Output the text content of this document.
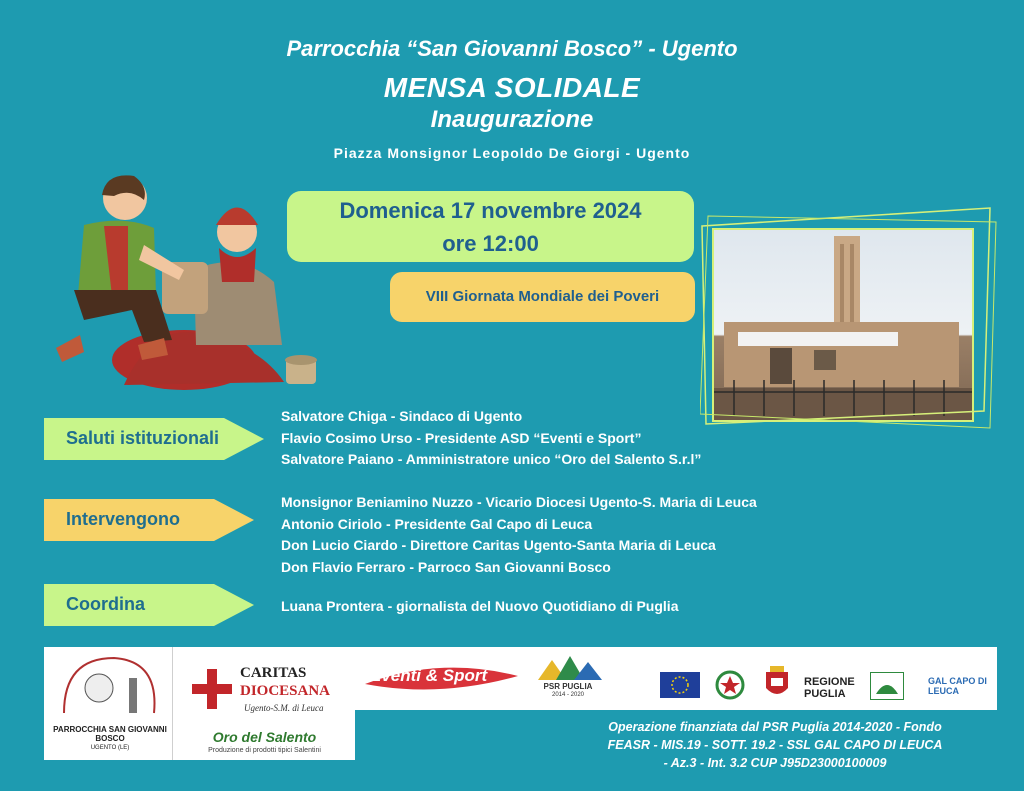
Parrocchia “San Giovanni Bosco” - Ugento
MENSA SOLIDALE
Inaugurazione
Piazza Monsignor Leopoldo De Giorgi - Ugento
Domenica 17 novembre 2024
ore 12:00
VIII Giornata Mondiale dei Poveri
Saluti istituzionali
Salvatore Chiga - Sindaco di Ugento
Flavio Cosimo Urso - Presidente ASD “Eventi e Sport”
Salvatore Paiano - Amministratore unico “Oro del Salento S.r.l”
Intervengono
Monsignor Beniamino Nuzzo - Vicario Diocesi Ugento-S. Maria di Leuca
Antonio Ciriolo - Presidente Gal Capo di Leuca
Don Lucio Ciardo - Direttore Caritas Ugento-Santa Maria di Leuca
Don Flavio Ferraro - Parroco San Giovanni Bosco
Coordina	Luana Prontera - giornalista del Nuovo Quotidiano di Puglia
PARROCCHIA SAN GIOVANNI BOSCO
UGENTO (LE)
CARITAS
DIOCESANA
Ugento-S.M. di Leuca
Oro del Salento
Produzione di prodotti tipici Salentini
Eventi & Sport
PSR PUGLIA
2014 - 2020
REGIONE
PUGLIA
GAL CAPO DI LEUCA
Operazione finanziata dal PSR Puglia 2014-2020 - Fondo
FEASR - MIS.19 - SOTT. 19.2 - SSL GAL CAPO DI LEUCA
- Az.3 - Int. 3.2 CUP J95D23000100009
